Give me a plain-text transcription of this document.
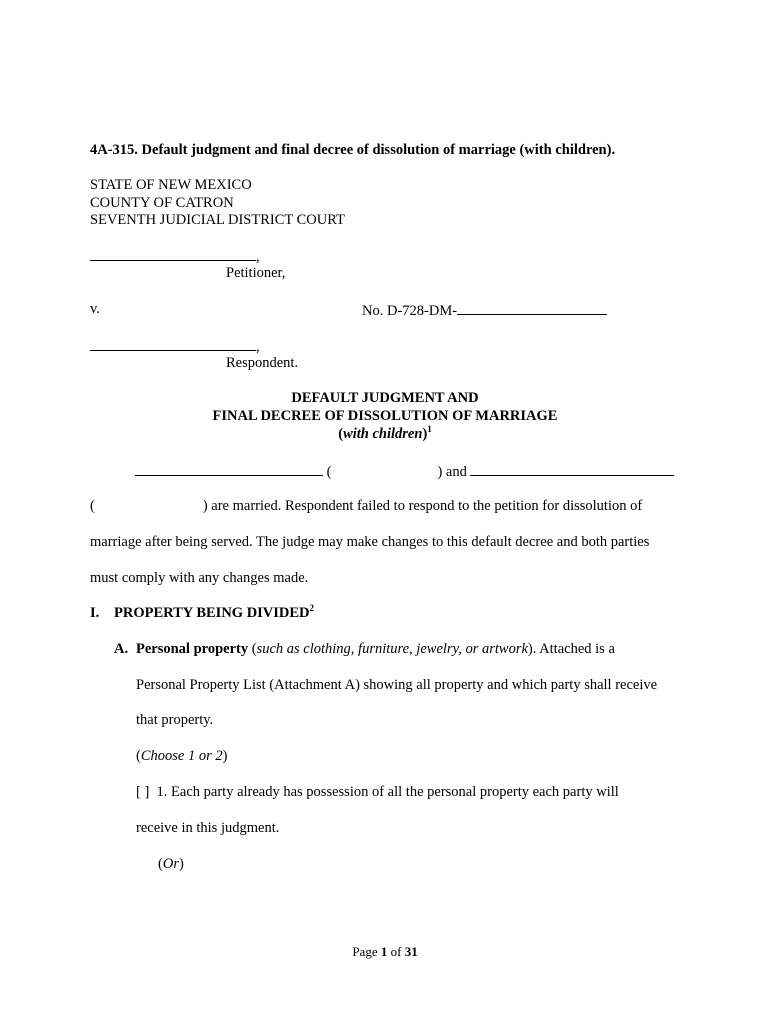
4A-315. Default judgment and final decree of dissolution of marriage (with children).
STATE OF NEW MEXICO
COUNTY OF CATRON
SEVENTH JUDICIAL DISTRICT COURT
,
Petitioner,
v.	No. D-728-DM-
,
Respondent.
DEFAULT JUDGMENT AND
FINAL DECREE OF DISSOLUTION OF MARRIAGE
(with children)$^1$
(	) and
(	) are married. Respondent failed to respond to the petition for dissolution of
marriage after being served. The judge may make changes to this default decree and both parties
must comply with any changes made.
I. PROPERTY BEING DIVIDED$^2$
A. Personal property (such as clothing, furniture, jewelry, or artwork). Attached is a
Personal Property List (Attachment A) showing all property and which party shall receive
that property.
(Choose 1 or 2)
[ ] 1. Each party already has possession of all the personal property each party will
receive in this judgment.
(Or)
Page 1 of 31
